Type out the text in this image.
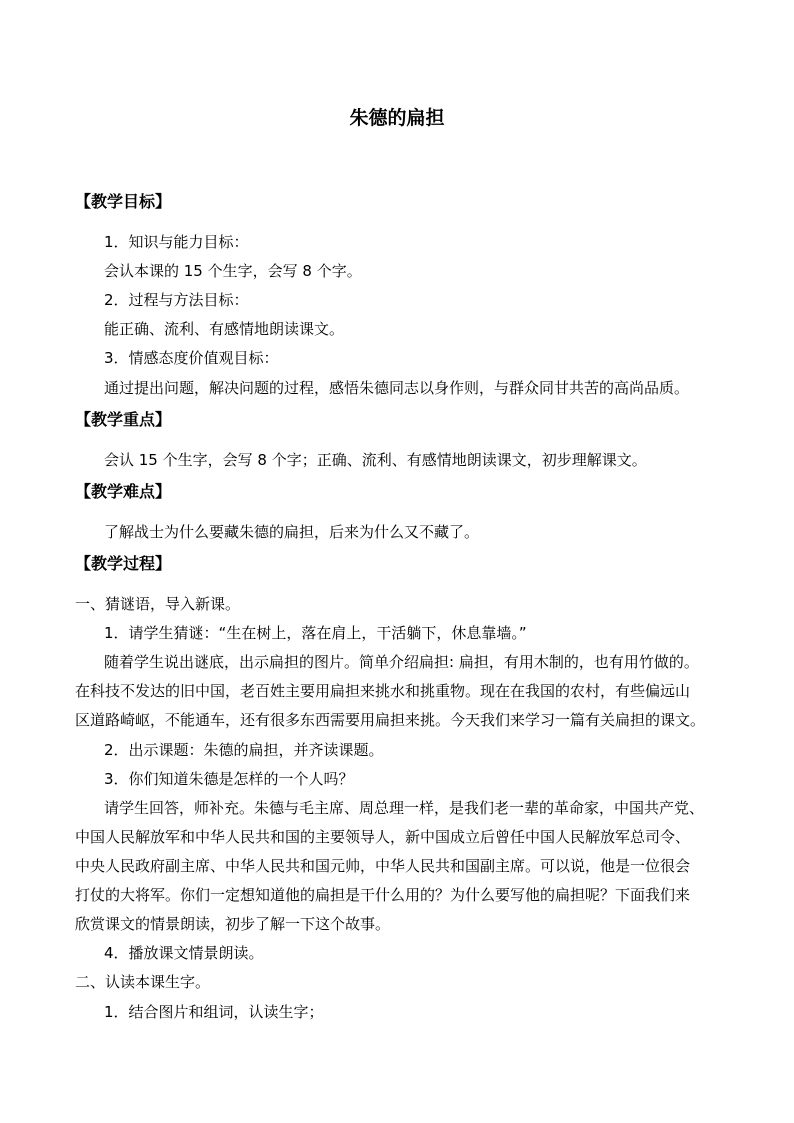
朱德的扁担
【教学目标】
1．知识与能力目标：
会认本课的 15 个生字，会写 8 个字。
2．过程与方法目标：
能正确、流利、有感情地朗读课文。
3．情感态度价值观目标：
通过提出问题，解决问题的过程，感悟朱德同志以身作则，与群众同甘共苦的高尚品质。
【教学重点】
会认 15 个生字，会写 8 个字；正确、流利、有感情地朗读课文，初步理解课文。
【教学难点】
了解战士为什么要藏朱德的扁担，后来为什么又不藏了。
【教学过程】
一、猜谜语，导入新课。
1．请学生猜谜：“生在树上，落在肩上，干活躺下，休息靠墙。”
随着学生说出谜底，出示扁担的图片。简单介绍扁担: 扁担，有用木制的，也有用竹做的。
在科技不发达的旧中国，老百姓主要用扁担来挑水和挑重物。现在在我国的农村，有些偏远山
区道路崎岖，不能通车，还有很多东西需要用扁担来挑。今天我们来学习一篇有关扁担的课文。
2．出示课题：朱德的扁担，并齐读课题。
3．你们知道朱德是怎样的一个人吗？
请学生回答，师补充。朱德与毛主席、周总理一样，是我们老一辈的革命家，中国共产党、
中国人民解放军和中华人民共和国的主要领导人，新中国成立后曾任中国人民解放军总司令、
中央人民政府副主席、中华人民共和国元帅，中华人民共和国副主席。可以说，他是一位很会
打仗的大将军。你们一定想知道他的扁担是干什么用的？为什么要写他的扁担呢？下面我们来
欣赏课文的情景朗读，初步了解一下这个故事。
4．播放课文情景朗读。
二、认读本课生字。
1．结合图片和组词，认读生字；
